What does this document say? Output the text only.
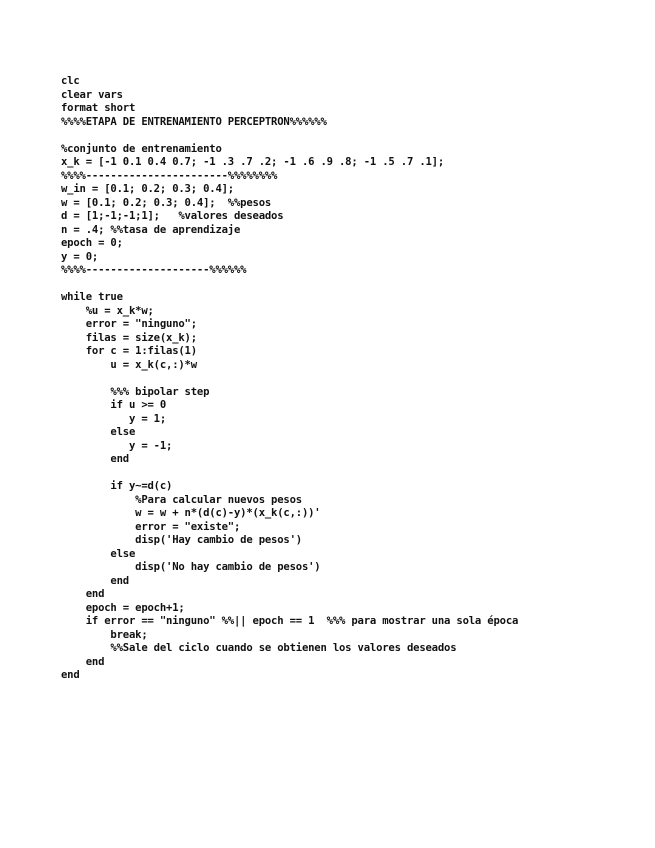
clc
clear vars
format short
%%%%ETAPA DE ENTRENAMIENTO PERCEPTRON%%%%%%
%conjunto de entrenamiento
x_k = [-1 0.1 0.4 0.7; -1 .3 .7 .2; -1 .6 .9 .8; -1 .5 .7 .1];
%%%%-----------------------%%%%%%%%
w_in = [0.1; 0.2; 0.3; 0.4];
w = [0.1; 0.2; 0.3; 0.4];  %%pesos
d = [1;-1;-1;1];   %valores deseados
n = .4; %%tasa de aprendizaje
epoch = 0;
y = 0;
%%%%--------------------%%%%%%
while true
%u = x_k*w;
error = "ninguno";
filas = size(x_k);
for c = 1:filas(1)
u = x_k(c,:)*w
%%% bipolar step
if u >= 0
y = 1;
else
y = -1;
end
if y~=d(c)
%Para calcular nuevos pesos
w = w + n*(d(c)-y)*(x_k(c,:))'
error = "existe";
disp('Hay cambio de pesos')
else
disp('No hay cambio de pesos')
end
end
epoch = epoch+1;
if error == "ninguno" %%|| epoch == 1  %%% para mostrar una sola época
break;
%%Sale del ciclo cuando se obtienen los valores deseados
end
end
